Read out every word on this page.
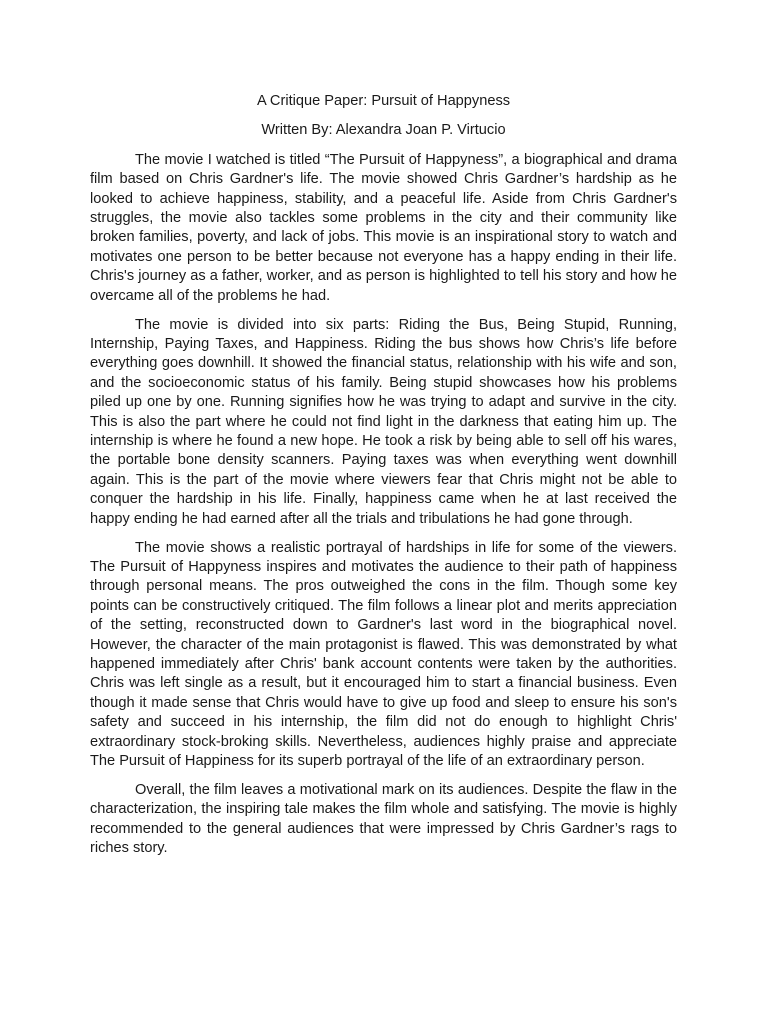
A Critique Paper: Pursuit of Happyness

Written By: Alexandra Joan P. Virtucio

The movie I watched is titled “The Pursuit of Happyness”, a biographical and drama film based on Chris Gardner's life. The movie showed Chris Gardner’s hardship as he looked to achieve happiness, stability, and a peaceful life. Aside from Chris Gardner's struggles, the movie also tackles some problems in the city and their community like broken families, poverty, and lack of jobs. This movie is an inspirational story to watch and motivates one person to be better because not everyone has a happy ending in their life. Chris's journey as a father, worker, and as person is highlighted to tell his story and how he overcame all of the problems he had.

The movie is divided into six parts: Riding the Bus, Being Stupid, Running, Internship, Paying Taxes, and Happiness. Riding the bus shows how Chris’s life before everything goes downhill. It showed the financial status, relationship with his wife and son, and the socioeconomic status of his family. Being stupid showcases how his problems piled up one by one. Running signifies how he was trying to adapt and survive in the city. This is also the part where he could not find light in the darkness that eating him up. The internship is where he found a new hope. He took a risk by being able to sell off his wares, the portable bone density scanners. Paying taxes was when everything went downhill again. This is the part of the movie where viewers fear that Chris might not be able to conquer the hardship in his life. Finally, happiness came when he at last received the happy ending he had earned after all the trials and tribulations he had gone through.

The movie shows a realistic portrayal of hardships in life for some of the viewers. The Pursuit of Happyness inspires and motivates the audience to their path of happiness through personal means. The pros outweighed the cons in the film. Though some key points can be constructively critiqued. The film follows a linear plot and merits appreciation of the setting, reconstructed down to Gardner's last word in the biographical novel. However, the character of the main protagonist is flawed. This was demonstrated by what happened immediately after Chris' bank account contents were taken by the authorities. Chris was left single as a result, but it encouraged him to start a financial business. Even though it made sense that Chris would have to give up food and sleep to ensure his son's safety and succeed in his internship, the film did not do enough to highlight Chris' extraordinary stock-broking skills. Nevertheless, audiences highly praise and appreciate The Pursuit of Happiness for its superb portrayal of the life of an extraordinary person.

Overall, the film leaves a motivational mark on its audiences. Despite the flaw in the characterization, the inspiring tale makes the film whole and satisfying. The movie is highly recommended to the general audiences that were impressed by Chris Gardner’s rags to riches story.
